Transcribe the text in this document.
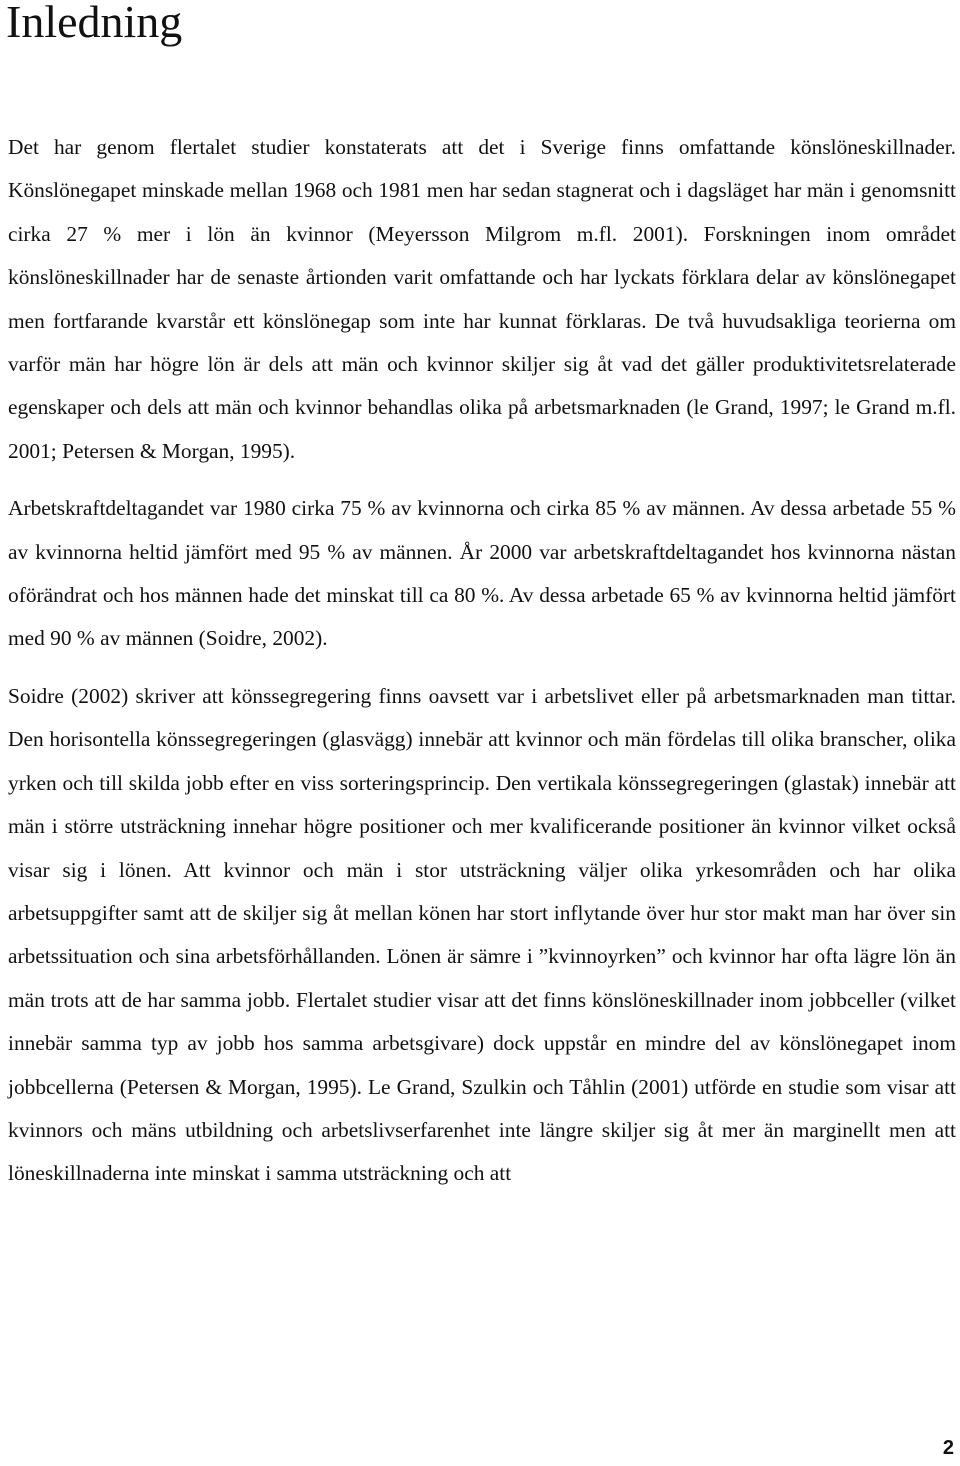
Inledning

Det har genom flertalet studier konstaterats att det i Sverige finns omfattande könslöneskillnader. Könslönegapet minskade mellan 1968 och 1981 men har sedan stagnerat och i dagsläget har män i genomsnitt cirka 27 % mer i lön än kvinnor (Meyersson Milgrom m.fl. 2001). Forskningen inom området könslöneskillnader har de senaste årtionden varit omfattande och har lyckats förklara delar av könslönegapet men fortfarande kvarstår ett könslönegap som inte har kunnat förklaras. De två huvudsakliga teorierna om varför män har högre lön är dels att män och kvinnor skiljer sig åt vad det gäller produktivitetsrelaterade egenskaper och dels att män och kvinnor behandlas olika på arbetsmarknaden (le Grand, 1997; le Grand m.fl. 2001; Petersen & Morgan, 1995).

Arbetskraftdeltagandet var 1980 cirka 75 % av kvinnorna och cirka 85 % av männen. Av dessa arbetade 55 % av kvinnorna heltid jämfört med 95 % av männen. År 2000 var arbetskraftdeltagandet hos kvinnorna nästan oförändrat och hos männen hade det minskat till ca 80 %. Av dessa arbetade 65 % av kvinnorna heltid jämfört med 90 % av männen (Soidre, 2002).

Soidre (2002) skriver att könssegregering finns oavsett var i arbetslivet eller på arbetsmarknaden man tittar. Den horisontella könssegregeringen (glasvägg) innebär att kvinnor och män fördelas till olika branscher, olika yrken och till skilda jobb efter en viss sorteringsprincip. Den vertikala könssegregeringen (glastak) innebär att män i större utsträckning innehar högre positioner och mer kvalificerande positioner än kvinnor vilket också visar sig i lönen. Att kvinnor och män i stor utsträckning väljer olika yrkesområden och har olika arbetsuppgifter samt att de skiljer sig åt mellan könen har stort inflytande över hur stor makt man har över sin arbetssituation och sina arbetsförhållanden. Lönen är sämre i ”kvinnoyrken” och kvinnor har ofta lägre lön än män trots att de har samma jobb. Flertalet studier visar att det finns könslöneskillnader inom jobbceller (vilket innebär samma typ av jobb hos samma arbetsgivare) dock uppstår en mindre del av könslönegapet inom jobbcellerna (Petersen & Morgan, 1995). Le Grand, Szulkin och Tåhlin (2001) utförde en studie som visar att kvinnors och mäns utbildning och arbetslivserfarenhet inte längre skiljer sig åt mer än marginellt men att löneskillnaderna inte minskat i samma utsträckning och att

2
